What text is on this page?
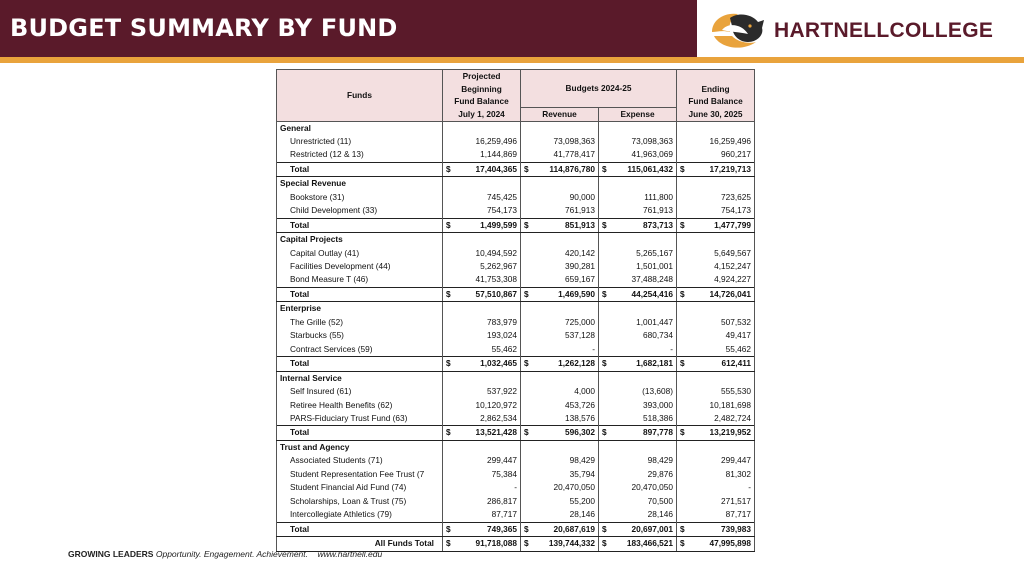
BUDGET SUMMARY BY FUND	HARTNELLCOLLEGE
Funds	Projected		Budgets 2024-25					
	Beginning						Ending	
	Fund Balance						Fund Balance	
	July 1, 2024		Revenue		Expense		June 30, 2025	
General								
Unrestricted (11)		16,259,496		73,098,363		73,098,363		16,259,496
Restricted (12 & 13)		1,144,869		41,778,417		41,963,069		960,217
Total	$	17,404,365	$	114,876,780	$	115,061,432	$	17,219,713
Special Revenue								
Bookstore (31)		745,425		90,000		111,800		723,625
Child Development (33)		754,173		761,913		761,913		754,173
Total	$	1,499,599	$	851,913	$	873,713	$	1,477,799
Capital Projects								
Capital Outlay (41)		10,494,592		420,142		5,265,167		5,649,567
Facilities Development (44)		5,262,967		390,281		1,501,001		4,152,247
Bond Measure T (46)		41,753,308		659,167		37,488,248		4,924,227
Total	$	57,510,867	$	1,469,590	$	44,254,416	$	14,726,041
Enterprise								
The Grille (52)		783,979		725,000		1,001,447		507,532
Starbucks (55)		193,024		537,128		680,734		49,417
Contract Services (59)		55,462		-		-		55,462
Total	$	1,032,465	$	1,262,128	$	1,682,181	$	612,411
Internal Service								
Self Insured (61)		537,922		4,000		(13,608)		555,530
Retiree Health Benefits (62)		10,120,972		453,726		393,000		10,181,698
PARS-Fiduciary Trust Fund (63)		2,862,534		138,576		518,386		2,482,724
Total	$	13,521,428	$	596,302	$	897,778	$	13,219,952
Trust and Agency								
Associated Students (71)		299,447		98,429		98,429		299,447
Student Representation Fee Trust (7		75,384		35,794		29,876		81,302
Student Financial Aid Fund (74)		-		20,470,050		20,470,050		-
Scholarships, Loan & Trust (75)		286,817		55,200		70,500		271,517
Intercollegiate Athletics (79)		87,717		28,146		28,146		87,717
Total	$	749,365	$	20,687,619	$	20,697,001	$	739,983
All Funds Total	$	91,718,088	$	139,744,332	$	183,466,521	$	47,995,898
GROWING LEADERS Opportunity. Engagement. Achievement. www.hartnell.edu
